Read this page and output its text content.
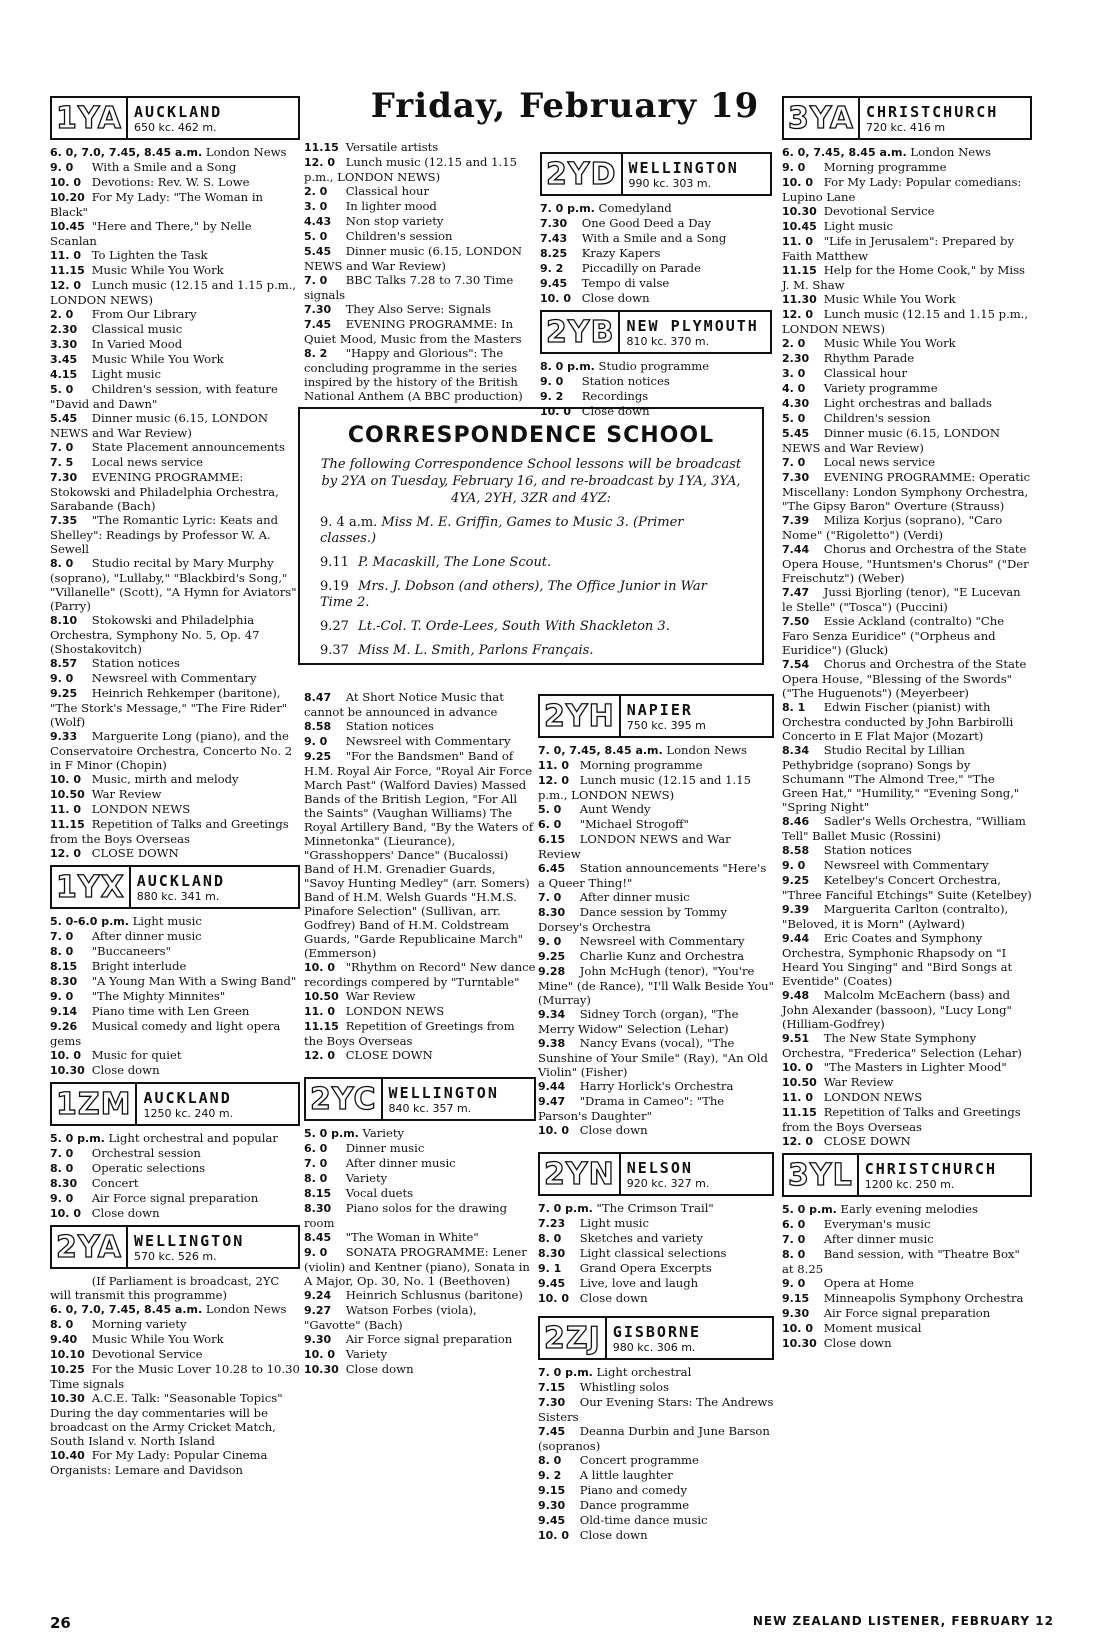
Friday, February 19
1YA AUCKLAND
650 kc. 462 m.
6. 0, 7.0, 7.45, 8.45 a.m. London News
9. 0 With a Smile and a Song
10. 0 Devotions: Rev. W. S. Lowe
10.20 For My Lady: "The Woman in Black"
10.45 "Here and There," by Nelle Scanlan
11. 0 To Lighten the Task
11.15 Music While You Work
12. 0 Lunch music (12.15 and 1.15 p.m., LONDON NEWS)
2. 0 From Our Library
2.30 Classical music
3.30 In Varied Mood
3.45 Music While You Work
4.15 Light music
5. 0 Children's session, with feature "David and Dawn"
5.45 Dinner music (6.15, LONDON NEWS and War Review)
7. 0 State Placement announcements
7. 5 Local news service
7.30 EVENING PROGRAMME: Stokowski and Philadelphia Orchestra, Sarabande (Bach)
7.35 "The Romantic Lyric: Keats and Shelley": Readings by Professor W. A. Sewell
8. 0 Studio recital by Mary Murphy (soprano), "Lullaby," "Blackbird's Song," "Villanelle" (Scott), "A Hymn for Aviators" (Parry)
8.10 Stokowski and Philadelphia Orchestra, Symphony No. 5, Op. 47 (Shostakovitch)
8.57 Station notices
9. 0 Newsreel with Commentary
9.25 Heinrich Rehkemper (baritone), "The Stork's Message," "The Fire Rider" (Wolf)
9.33 Marguerite Long (piano), and the Conservatoire Orchestra, Concerto No. 2 in F Minor (Chopin)
10. 0 Music, mirth and melody
10.50 War Review
11. 0 LONDON NEWS
11.15 Repetition of Talks and Greetings from the Boys Overseas
12. 0 CLOSE DOWN
1YX AUCKLAND
880 kc. 341 m.
5. 0-6.0 p.m. Light music
7. 0 After dinner music
8. 0 "Buccaneers"
8.15 Bright interlude
8.30 "A Young Man With a Swing Band"
9. 0 "The Mighty Minnites"
9.14 Piano time with Len Green
9.26 Musical comedy and light opera gems
10. 0 Music for quiet
10.30 Close down
1ZM AUCKLAND
1250 kc. 240 m.
5. 0 p.m. Light orchestral and popular
7. 0 Orchestral session
8. 0 Operatic selections
8.30 Concert
9. 0 Air Force signal preparation
10. 0 Close down
2YA WELLINGTON
570 kc. 526 m.
(If Parliament is broadcast, 2YC will transmit this programme)
6. 0, 7.0, 7.45, 8.45 a.m. London News
8. 0 Morning variety
9.40 Music While You Work
10.10 Devotional Service
10.25 For the Music Lover 10.28 to 10.30 Time signals
10.30 A.C.E. Talk: "Seasonable Topics" During the day commentaries will be broadcast on the Army Cricket Match, South Island v. North Island
10.40 For My Lady: Popular Cinema Organists: Lemare and Davidson
11.15 Versatile artists
12. 0 Lunch music (12.15 and 1.15 p.m., LONDON NEWS)
2. 0 Classical hour
3. 0 In lighter mood
4.43 Non stop variety
5. 0 Children's session
5.45 Dinner music (6.15, LONDON NEWS and War Review)
7. 0 BBC Talks 7.28 to 7.30 Time signals
7.30 They Also Serve: Signals
7.45 EVENING PROGRAMME: In Quiet Mood, Music from the Masters
8. 2 "Happy and Glorious": The concluding programme in the series inspired by the history of the British National Anthem (A BBC production)
2YD WELLINGTON
990 kc. 303 m.
7. 0 p.m. Comedyland
7.30 One Good Deed a Day
7.43 With a Smile and a Song
8.25 Krazy Kapers
9. 2 Piccadilly on Parade
9.45 Tempo di valse
10. 0 Close down
2YB NEW PLYMOUTH
810 kc. 370 m.
8. 0 p.m. Studio programme
9. 0 Station notices
9. 2 Recordings
10. 0 Close down
CORRESPONDENCE SCHOOL
The following Correspondence School lessons will be broadcast by 2YA on Tuesday, February 16, and re-broadcast by 1YA, 3YA, 4YA, 2YH, 3ZR and 4YZ:
9. 4 a.m. Miss M. E. Griffin, Games to Music 3. (Primer classes.)
9.11 P. Macaskill, The Lone Scout.
9.19 Mrs. J. Dobson (and others), The Office Junior in War Time 2.
9.27 Lt.-Col. T. Orde-Lees, South With Shackleton 3.
9.37 Miss M. L. Smith, Parlons Français.
8.47 At Short Notice Music that cannot be announced in advance
8.58 Station notices
9. 0 Newsreel with Commentary
9.25 "For the Bandsmen" Band of H.M. Royal Air Force, "Royal Air Force March Past" (Walford Davies) Massed Bands of the British Legion, "For All the Saints" (Vaughan Williams) The Royal Artillery Band, "By the Waters of Minnetonka" (Lieurance), "Grasshoppers' Dance" (Bucalossi) Band of H.M. Grenadier Guards, "Savoy Hunting Medley" (arr. Somers) Band of H.M. Welsh Guards "H.M.S. Pinafore Selection" (Sullivan, arr. Godfrey) Band of H.M. Coldstream Guards, "Garde Republicaine March" (Emmerson)
10. 0 "Rhythm on Record" New dance recordings compered by "Turntable"
10.50 War Review
11. 0 LONDON NEWS
11.15 Repetition of Greetings from the Boys Overseas
12. 0 CLOSE DOWN
2YC WELLINGTON
840 kc. 357 m.
5. 0 p.m. Variety
6. 0 Dinner music
7. 0 After dinner music
8. 0 Variety
8.15 Vocal duets
8.30 Piano solos for the drawing room
8.45 "The Woman in White"
9. 0 SONATA PROGRAMME: Lener (violin) and Kentner (piano), Sonata in A Major, Op. 30, No. 1 (Beethoven)
9.24 Heinrich Schlusnus (baritone)
9.27 Watson Forbes (viola), "Gavotte" (Bach)
9.30 Air Force signal preparation
10. 0 Variety
10.30 Close down
2YH NAPIER
750 kc. 395 m
7. 0, 7.45, 8.45 a.m. London News
11. 0 Morning programme
12. 0 Lunch music (12.15 and 1.15 p.m., LONDON NEWS)
5. 0 Aunt Wendy
6. 0 "Michael Strogoff"
6.15 LONDON NEWS and War Review
6.45 Station announcements "Here's a Queer Thing!"
7. 0 After dinner music
8.30 Dance session by Tommy Dorsey's Orchestra
9. 0 Newsreel with Commentary
9.25 Charlie Kunz and Orchestra
9.28 John McHugh (tenor), "You're Mine" (de Rance), "I'll Walk Beside You" (Murray)
9.34 Sidney Torch (organ), "The Merry Widow" Selection (Lehar)
9.38 Nancy Evans (vocal), "The Sunshine of Your Smile" (Ray), "An Old Violin" (Fisher)
9.44 Harry Horlick's Orchestra
9.47 "Drama in Cameo": "The Parson's Daughter"
10. 0 Close down
2YN NELSON
920 kc. 327 m.
7. 0 p.m. "The Crimson Trail"
7.23 Light music
8. 0 Sketches and variety
8.30 Light classical selections
9. 1 Grand Opera Excerpts
9.45 Live, love and laugh
10. 0 Close down
2ZJ GISBORNE
980 kc. 306 m.
7. 0 p.m. Light orchestral
7.15 Whistling solos
7.30 Our Evening Stars: The Andrews Sisters
7.45 Deanna Durbin and June Barson (sopranos)
8. 0 Concert programme
9. 2 A little laughter
9.15 Piano and comedy
9.30 Dance programme
9.45 Old-time dance music
10. 0 Close down
3YA CHRISTCHURCH
720 kc. 416 m
6. 0, 7.45, 8.45 a.m. London News
9. 0 Morning programme
10. 0 For My Lady: Popular comedians: Lupino Lane
10.30 Devotional Service
10.45 Light music
11. 0 "Life in Jerusalem": Prepared by Faith Matthew
11.15 Help for the Home Cook," by Miss J. M. Shaw
11.30 Music While You Work
12. 0 Lunch music (12.15 and 1.15 p.m., LONDON NEWS)
2. 0 Music While You Work
2.30 Rhythm Parade
3. 0 Classical hour
4. 0 Variety programme
4.30 Light orchestras and ballads
5. 0 Children's session
5.45 Dinner music (6.15, LONDON NEWS and War Review)
7. 0 Local news service
7.30 EVENING PROGRAMME: Operatic Miscellany: London Symphony Orchestra, "The Gipsy Baron" Overture (Strauss)
7.39 Miliza Korjus (soprano), "Caro Nome" ("Rigoletto") (Verdi)
7.44 Chorus and Orchestra of the State Opera House, "Huntsmen's Chorus" ("Der Freischutz") (Weber)
7.47 Jussi Bjorling (tenor), "E Lucevan le Stelle" ("Tosca") (Puccini)
7.50 Essie Ackland (contralto) "Che Faro Senza Euridice" ("Orpheus and Euridice") (Gluck)
7.54 Chorus and Orchestra of the State Opera House, "Blessing of the Swords" ("The Huguenots") (Meyerbeer)
8. 1 Edwin Fischer (pianist) with Orchestra conducted by John Barbirolli Concerto in E Flat Major (Mozart)
8.34 Studio Recital by Lillian Pethybridge (soprano) Songs by Schumann "The Almond Tree," "The Green Hat," "Humility," "Evening Song," "Spring Night"
8.46 Sadler's Wells Orchestra, "William Tell" Ballet Music (Rossini)
8.58 Station notices
9. 0 Newsreel with Commentary
9.25 Ketelbey's Concert Orchestra, "Three Fanciful Etchings" Suite (Ketelbey)
9.39 Marguerita Carlton (contralto), "Beloved, it is Morn" (Aylward)
9.44 Eric Coates and Symphony Orchestra, Symphonic Rhapsody on "I Heard You Singing" and "Bird Songs at Eventide" (Coates)
9.48 Malcolm McEachern (bass) and John Alexander (bassoon), "Lucy Long" (Hilliam-Godfrey)
9.51 The New State Symphony Orchestra, "Frederica" Selection (Lehar)
10. 0 "The Masters in Lighter Mood"
10.50 War Review
11. 0 LONDON NEWS
11.15 Repetition of Talks and Greetings from the Boys Overseas
12. 0 CLOSE DOWN
3YL CHRISTCHURCH
1200 kc. 250 m.
5. 0 p.m. Early evening melodies
6. 0 Everyman's music
7. 0 After dinner music
8. 0 Band session, with "Theatre Box" at 8.25
9. 0 Opera at Home
9.15 Minneapolis Symphony Orchestra
9.30 Air Force signal preparation
10. 0 Moment musical
10.30 Close down
26	NEW ZEALAND LISTENER, FEBRUARY 12
